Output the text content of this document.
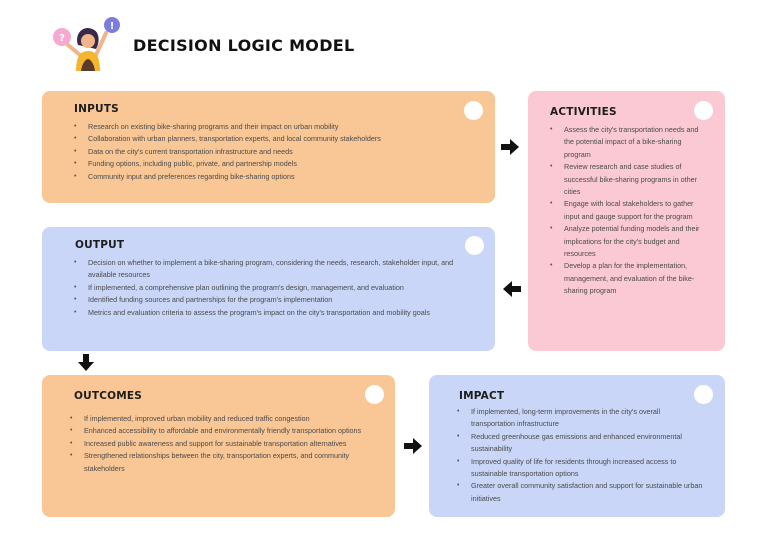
?
!
DECISION LOGIC MODEL
INPUTS
• Research on existing bike-sharing programs and their impact on urban mobility
• Collaboration with urban planners, transportation experts, and local community stakeholders
• Data on the city's current transportation infrastructure and needs
• Funding options, including public, private, and partnership models
• Community input and preferences regarding bike-sharing options
ACTIVITIES
• Assess the city's transportation needs and the potential impact of a bike-sharing program
• Review research and case studies of successful bike-sharing programs in other cities
• Engage with local stakeholders to gather input and gauge support for the program
• Analyze potential funding models and their implications for the city's budget and resources
• Develop a plan for the implementation, management, and evaluation of the bike-sharing program
OUTPUT
• Decision on whether to implement a bike-sharing program, considering the needs, research, stakeholder input, and available resources
• If implemented, a comprehensive plan outlining the program's design, management, and evaluation
• Identified funding sources and partnerships for the program's implementation
• Metrics and evaluation criteria to assess the program's impact on the city's transportation and mobility goals
OUTCOMES
• If implemented, improved urban mobility and reduced traffic congestion
• Enhanced accessibility to affordable and environmentally friendly transportation options
• Increased public awareness and support for sustainable transportation alternatives
• Strengthened relationships between the city, transportation experts, and community stakeholders
IMPACT
• If implemented, long-term improvements in the city's overall transportation infrastructure
• Reduced greenhouse gas emissions and enhanced environmental sustainability
• Improved quality of life for residents through increased access to sustainable transportation options
• Greater overall community satisfaction and support for sustainable urban initiatives
